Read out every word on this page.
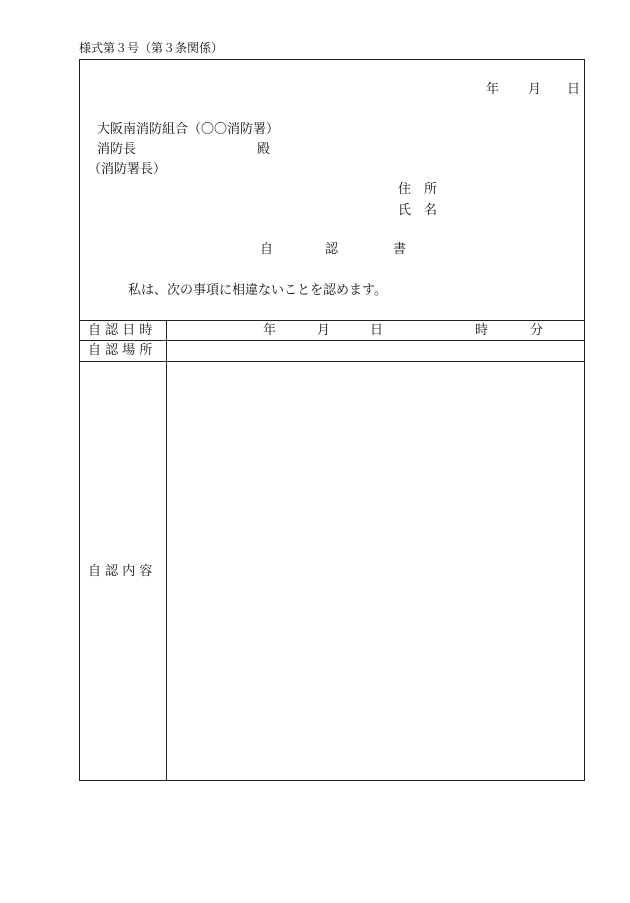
様式第３号（第３条関係）
年 月 日
大阪南消防組合（〇〇消防署）
消防長	殿
（消防署長）
住　所
氏　名
自	認	書
私は、次の事項に相違ないことを認めます。
自 認 日 時	年	月	日	時	分
自 認 場 所
自 認 内 容
